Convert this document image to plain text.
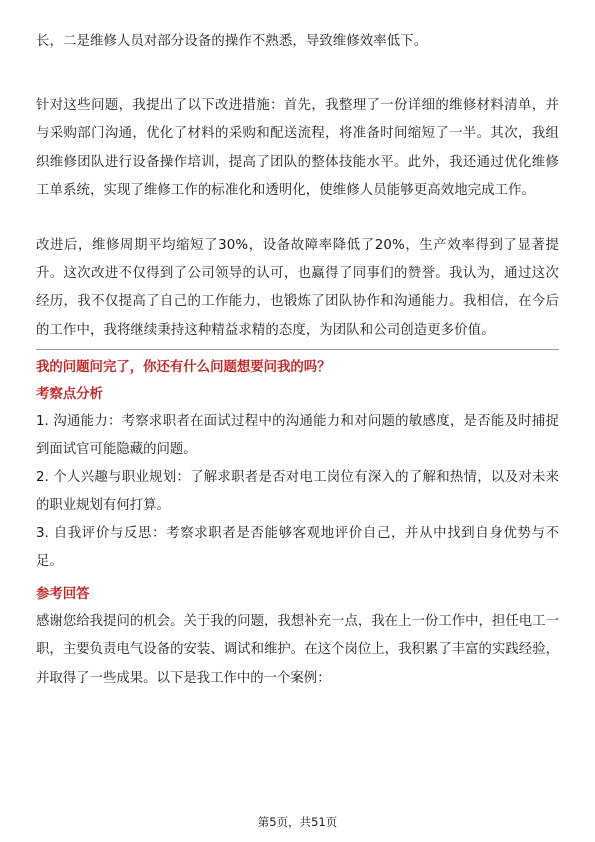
长，二是维修人员对部分设备的操作不熟悉，导致维修效率低下。

针对这些问题，我提出了以下改进措施：首先，我整理了一份详细的维修材料清单，并与采购部门沟通，优化了材料的采购和配送流程，将准备时间缩短了一半。其次，我组织维修团队进行设备操作培训，提高了团队的整体技能水平。此外，我还通过优化维修工单系统，实现了维修工作的标准化和透明化，使维修人员能够更高效地完成工作。

改进后，维修周期平均缩短了30%，设备故障率降低了20%，生产效率得到了显著提升。这次改进不仅得到了公司领导的认可，也赢得了同事们的赞誉。我认为，通过这次经历，我不仅提高了自己的工作能力，也锻炼了团队协作和沟通能力。我相信，在今后的工作中，我将继续秉持这种精益求精的态度，为团队和公司创造更多价值。

我的问题问完了，你还有什么问题想要问我的吗？

考察点分析

1. 沟通能力：考察求职者在面试过程中的沟通能力和对问题的敏感度，是否能及时捕捉到面试官可能隐藏的问题。

2. 个人兴趣与职业规划：了解求职者是否对电工岗位有深入的了解和热情，以及对未来的职业规划有何打算。

3. 自我评价与反思：考察求职者是否能够客观地评价自己，并从中找到自身优势与不足。

参考回答

感谢您给我提问的机会。关于我的问题，我想补充一点，我在上一份工作中，担任电工一职，主要负责电气设备的安装、调试和维护。在这个岗位上，我积累了丰富的实践经验，并取得了一些成果。以下是我工作中的一个案例：

第5页，共51页
